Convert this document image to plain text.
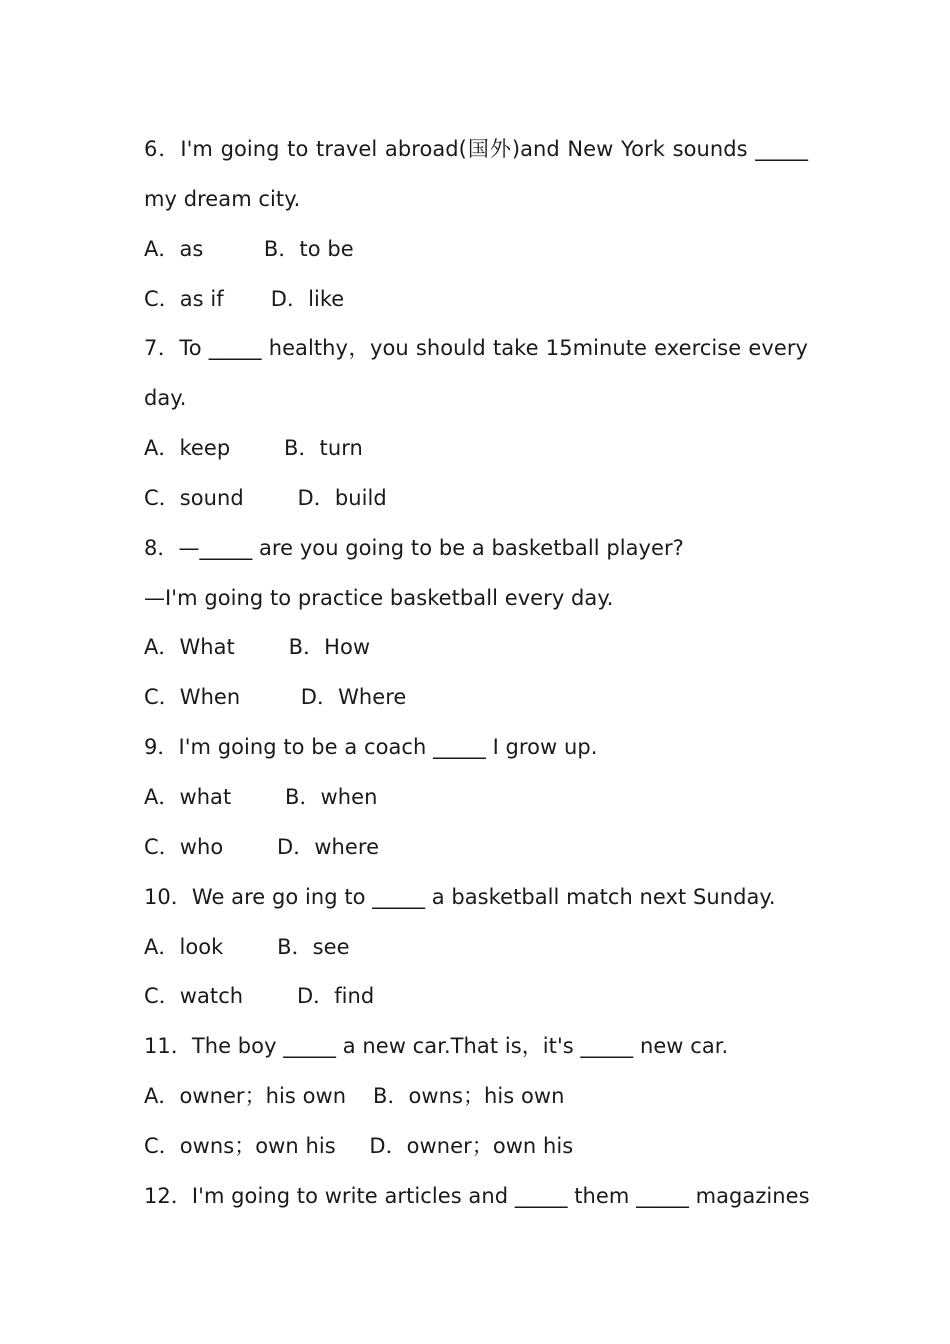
6．I'm going to travel abroad(国外)and New York sounds _____
my dream city.
A．as         B．to be
C．as if       D．like
7．To _____ healthy，you should take 15minute exercise every
day.
A．keep        B．turn
C．sound        D．build
8．—_____ are you going to be a basketball player?
—I'm going to practice basketball every day.
A．What        B．How
C．When         D．Where
9．I'm going to be a coach _____ I grow up.
A．what        B．when
C．who        D．where
10．We are go ing to _____ a basketball match next Sunday.
A．look        B．see
C．watch        D．find
11．The boy _____ a new car.That is，it's _____ new car.
A．owner；his own    B．owns；his own
C．owns；own his     D．owner；own his
12．I'm going to write articles and _____ them _____ magazines
